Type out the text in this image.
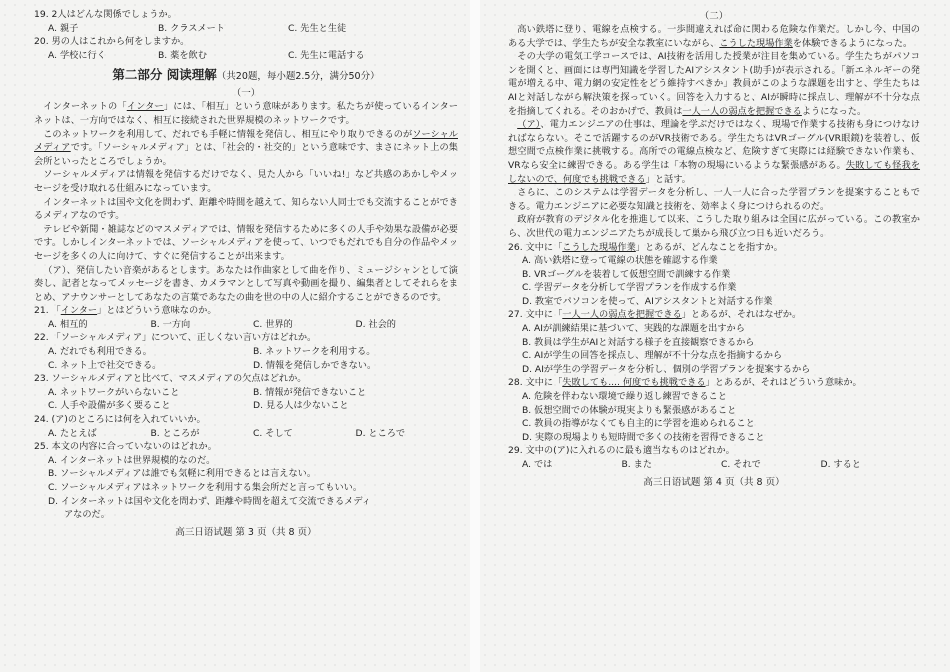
19. 2人はどんな関係でしょうか。
A. 親子	B. クラスメート	C. 先生と生徒
20. 男の人はこれから何をしますか。
A. 学校に行く	B. 薬を飲む	C. 先生に電話する
第二部分 阅读理解（共20题，每小题2.5分，满分50分）
（一）
インターネットの「インター」には、「相互」という意味があります。私たちが使っているインターネットは、一方向ではなく、相互に接続された世界規模のネットワークです。
このネットワークを利用して、だれでも手軽に情報を発信し、相互にやり取りできるのがソーシャルメディアです。「ソーシャルメディア」とは、「社会的・社交的」という意味です、まさにネット上の集会所といったところでしょうか。
ソーシャルメディアは情報を発信するだけでなく、見た人から「いいね!」など共感のあかしやメッセージを受け取れる仕組みになっています。
インターネットは国や文化を問わず、距離や時間を越えて、知らない人同士でも交流することができるメディアなのです。
テレビや新聞・雑誌などのマスメディアでは、情報を発信するために多くの人手や効果な設備が必要です。しかしインターネットでは、ソーシャルメディアを使って、いつでもだれでも自分の作品やメッセージを多くの人に向けて、すぐに発信することが出来ます。
（ア）、発信したい音楽があるとします。あなたは作曲家として曲を作り、ミュージシャンとして演奏し、記者となってメッセージを書き、カメラマンとして写真や動画を撮り、編集者としてそれらをまとめ、アナウンサーとしてあなたの言葉であなたの曲を世の中の人に紹介することができるのです。
21. 「インター」とはどういう意味なのか。
A. 相互的	B. 一方向	C. 世界的	D. 社会的
22. 「ソーシャルメディア」について、正しくない言い方はどれか。
A. だれでも利用できる。	B. ネットワークを利用する。
C. ネット上で社交できる。	D. 情報を発信しかできない。
23. ソーシャルメディアと比べて、マスメディアの欠点はどれか。
A. ネットワークがいらないこと	B. 情報が発信できないこと
C. 人手や設備が多く要ること	D. 見る人は少ないこと
24. (ア)のところには何を入れていいか。
A. たとえば	B. ところが	C. そして	D. ところで
25. 本文の内容に合っていないのはどれか。
A. インターネットは世界規模的なのだ。
B. ソーシャルメディアは誰でも気軽に利用できるとは言えない。
C. ソーシャルメディアはネットワークを利用する集会所だと言ってもいい。
D. インターネットは国や文化を問わず、距離や時間を超えて交流できるメディ
アなのだ。
高三日语试题 第 3 页（共 8 页）
（二）
高い鉄塔に登り、電線を点検する。一歩間違えれば命に関わる危険な作業だ。しかし今、中国のある大学では、学生たちが安全な教室にいながら、こうした現場作業を体験できるようになった。
その大学の電気工学コースでは、AI技術を活用した授業が注目を集めている。学生たちがパソコンを開くと、画面には専門知識を学習したAIアシスタント(助手)が表示される。「新エネルギーの発電が増える中、電力網の安定性をどう維持すべきか」教員がこのような課題を出すと、学生たちはAIと対話しながら解決策を探っていく。回答を入力すると、AIが瞬時に採点し、理解が不十分な点を指摘してくれる。そのおかげで、教員は一人一人の弱点を把握できるようになった。
（ア）、電力エンジニアの仕事は、理論を学ぶだけではなく、現場で作業する技術も身につけなければならない。そこで活躍するのがVR技術である。学生たちはVRゴーグル(VR眼鏡)を装着し、仮想空間で点検作業に挑戦する。高所での電線点検など、危険すぎて実際には経験できない作業も、VRなら安全に練習できる。ある学生は「本物の現場にいるような緊張感がある。失敗しても怪我をしないので、何度でも挑戦できる」と話す。
さらに、このシステムは学習データを分析し、一人一人に合った学習プランを提案することもできる。電力エンジニアに必要な知識と技術を、効率よく身につけられるのだ。
政府が教育のデジタル化を推進して以来、こうした取り組みは全国に広がっている。この教室から、次世代の電力エンジニアたちが成長して巣から飛び立つ日も近いだろう。
26. 文中に「こうした現場作業」とあるが、どんなことを指すか。
A. 高い鉄塔に登って電線の状態を確認する作業
B. VRゴーグルを装着して仮想空間で訓練する作業
C. 学習データを分析して学習プランを作成する作業
D. 教室でパソコンを使って、AIアシスタントと対話する作業
27. 文中に「一人一人の弱点を把握できる」とあるが、それはなぜか。
A. AIが訓練結果に基づいて、実践的な課題を出すから
B. 教員は学生がAIと対話する様子を直接観察できるから
C. AIが学生の回答を採点し、理解が不十分な点を指摘するから
D. AIが学生の学習データを分析し、個別の学習プランを提案するから
28. 文中に「失敗しても.... 何度でも挑戦できる」とあるが、それはどういう意味か。
A. 危険を伴わない環境で繰り返し練習できること
B. 仮想空間での体験が現実よりも緊張感があること
C. 教員の指導がなくても自主的に学習を進められること
D. 実際の現場よりも短時間で多くの技術を習得できること
29. 文中の(ア)に入れるのに最も適当なものはどれか。
A. では	B. また	C. それで	D. すると
高三日语试题 第 4 页（共 8 页）
